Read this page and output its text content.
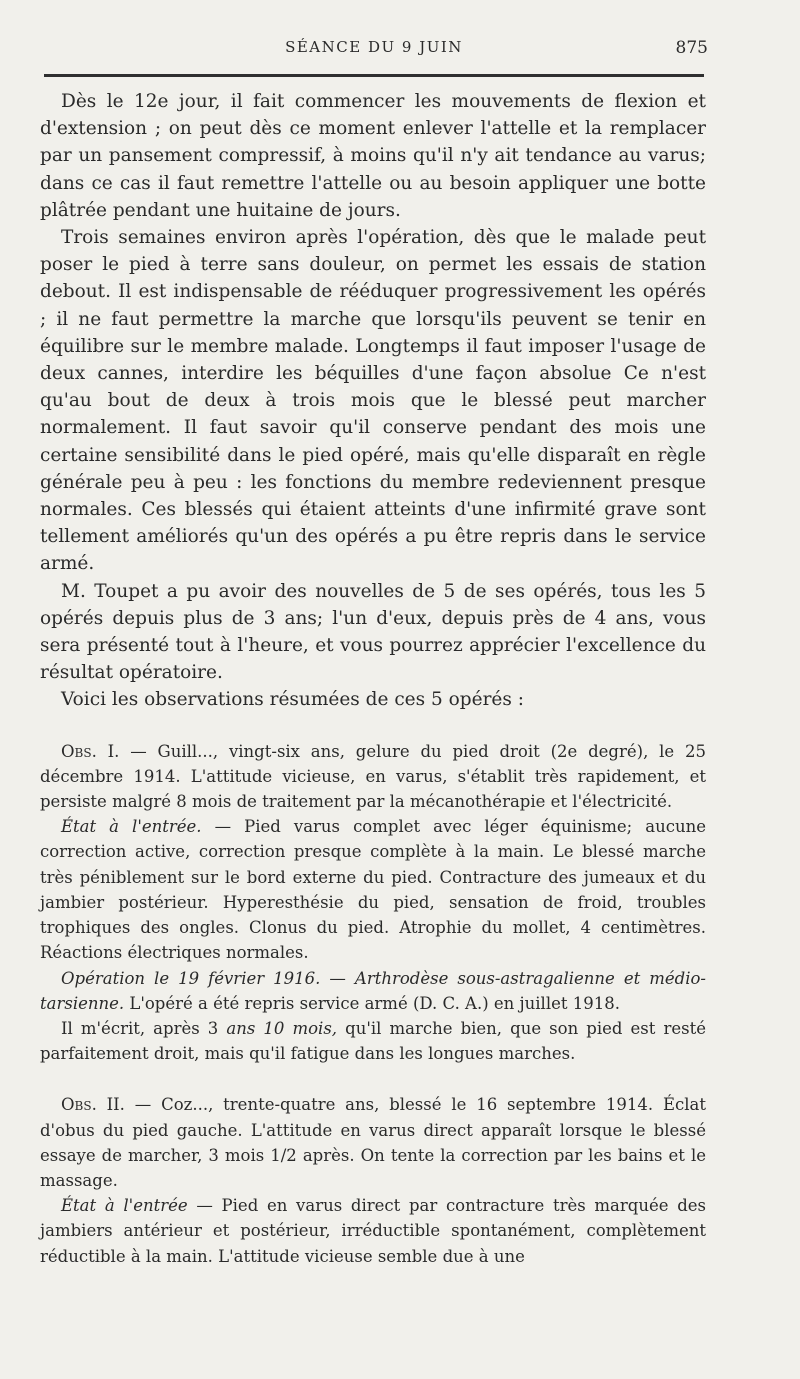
SÉANCE DU 9 JUIN	875

Dès le 12e jour, il fait commencer les mouvements de flexion et d'extension ; on peut dès ce moment enlever l'attelle et la remplacer par un pansement compressif, à moins qu'il n'y ait tendance au varus; dans ce cas il faut remettre l'attelle ou au besoin appliquer une botte plâtrée pendant une huitaine de jours.

Trois semaines environ après l'opération, dès que le malade peut poser le pied à terre sans douleur, on permet les essais de station debout. Il est indispensable de rééduquer progressivement les opérés ; il ne faut permettre la marche que lorsqu'ils peuvent se tenir en équilibre sur le membre malade. Longtemps il faut imposer l'usage de deux cannes, interdire les béquilles d'une façon absolue Ce n'est qu'au bout de deux à trois mois que le blessé peut marcher normalement. Il faut savoir qu'il conserve pendant des mois une certaine sensibilité dans le pied opéré, mais qu'elle disparaît en règle générale peu à peu : les fonctions du membre redeviennent presque normales. Ces blessés qui étaient atteints d'une infirmité grave sont tellement améliorés qu'un des opérés a pu être repris dans le service armé.

M. Toupet a pu avoir des nouvelles de 5 de ses opérés, tous les 5 opérés depuis plus de 3 ans; l'un d'eux, depuis près de 4 ans, vous sera présenté tout à l'heure, et vous pourrez apprécier l'excellence du résultat opératoire.

Voici les observations résumées de ces 5 opérés :

Obs. I. — Guill..., vingt-six ans, gelure du pied droit (2e degré), le 25 décembre 1914. L'attitude vicieuse, en varus, s'établit très rapidement, et persiste malgré 8 mois de traitement par la mécanothérapie et l'électricité.

État à l'entrée. — Pied varus complet avec léger équinisme; aucune correction active, correction presque complète à la main. Le blessé marche très péniblement sur le bord externe du pied. Contracture des jumeaux et du jambier postérieur. Hyperesthésie du pied, sensation de froid, troubles trophiques des ongles. Clonus du pied. Atrophie du mollet, 4 centimètres. Réactions électriques normales.

Opération le 19 février 1916. — Arthrodèse sous-astragalienne et médio-tarsienne. L'opéré a été repris service armé (D. C. A.) en juillet 1918.

Il m'écrit, après 3 ans 10 mois, qu'il marche bien, que son pied est resté parfaitement droit, mais qu'il fatigue dans les longues marches.

Obs. II. — Coz..., trente-quatre ans, blessé le 16 septembre 1914. Éclat d'obus du pied gauche. L'attitude en varus direct apparaît lorsque le blessé essaye de marcher, 3 mois 1/2 après. On tente la correction par les bains et le massage.

État à l'entrée — Pied en varus direct par contracture très marquée des jambiers antérieur et postérieur, irréductible spontanément, complètement réductible à la main. L'attitude vicieuse semble due à une
